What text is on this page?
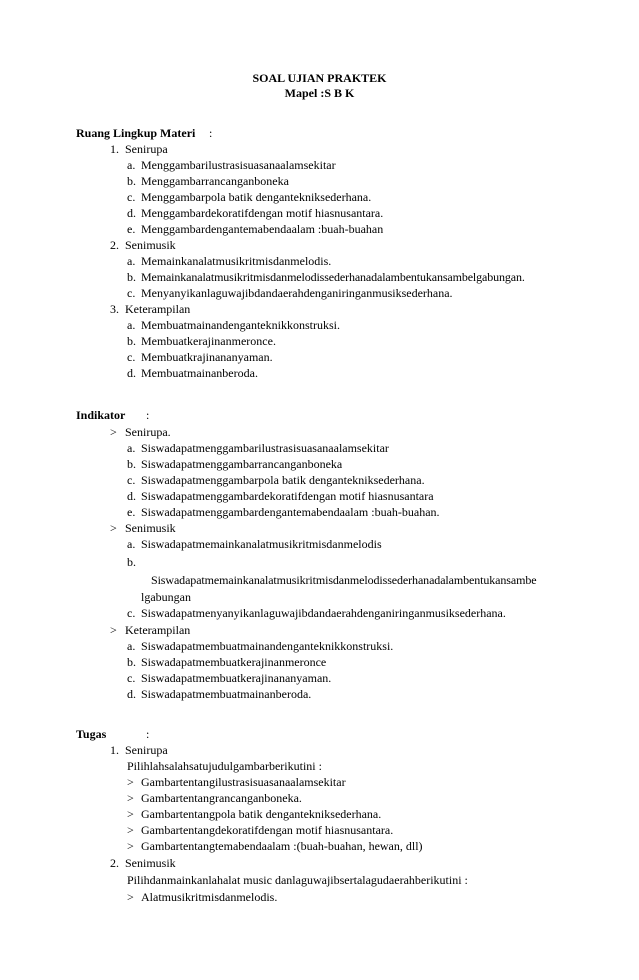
SOAL UJIAN PRAKTEK
Mapel :S B K
Ruang Lingkup Materi :
1. Senirupa
a. Menggambarilustrasisuasanaalamsekitar
b. Menggambarrancanganboneka
c. Menggambarpola batik dengantekniksederhana.
d. Menggambardekoratifdengan motif hiasnusantara.
e. Menggambardengantemabendaalam :buah-buahan
2. Senimusik
a. Memainkanalatmusikritmisdanmelodis.
b. Memainkanalatmusikritmisdanmelodissederhanadalambentukansambelgabungan.
c. Menyanyikanlaguwajibdandaerahdenganiringanmusiksederhana.
3. Keterampilan
a. Membuatmainandenganteknikkonstruksi.
b. Membuatkerajinanmeronce.
c. Membuatkrajinananyaman.
d. Membuatmainanberoda.
Indikator :
> Senirupa.
a. Siswadapatmenggambarilustrasisuasanaalamsekitar
b. Siswadapatmenggambarrancanganboneka
c. Siswadapatmenggambarpola batik dengantekniksederhana.
d. Siswadapatmenggambardekoratifdengan motif hiasnusantara
e. Siswadapatmenggambardengantemabendaalam :buah-buahan.
> Senimusik
a. Siswadapatmemainkanalatmusikritmisdanmelodis
b.
Siswadapatmemainkanalatmusikritmisdanmelodissederhanadalambentukansambe
lgabungan
c. Siswadapatmenyanyikanlaguwajibdandaerahdenganiringanmusiksederhana.
> Keterampilan
a. Siswadapatmembuatmainandenganteknikkonstruksi.
b. Siswadapatmembuatkerajinanmeronce
c. Siswadapatmembuatkerajinananyaman.
d. Siswadapatmembuatmainanberoda.
Tugas	:
1. Senirupa
Pilihlahsalahsatujudulgambarberikutini :
> Gambartentangilustrasisuasanaalamsekitar
> Gambartentangrancanganboneka.
> Gambartentangpola batik dengantekniksederhana.
> Gambartentangdekoratifdengan motif hiasnusantara.
> Gambartentangtemabendaalam :(buah-buahan, hewan, dll)
2. Senimusik
Pilihdanmainkanlahalat music danlaguwajibsertalagudaerahberikutini :
> Alatmusikritmisdanmelodis.
